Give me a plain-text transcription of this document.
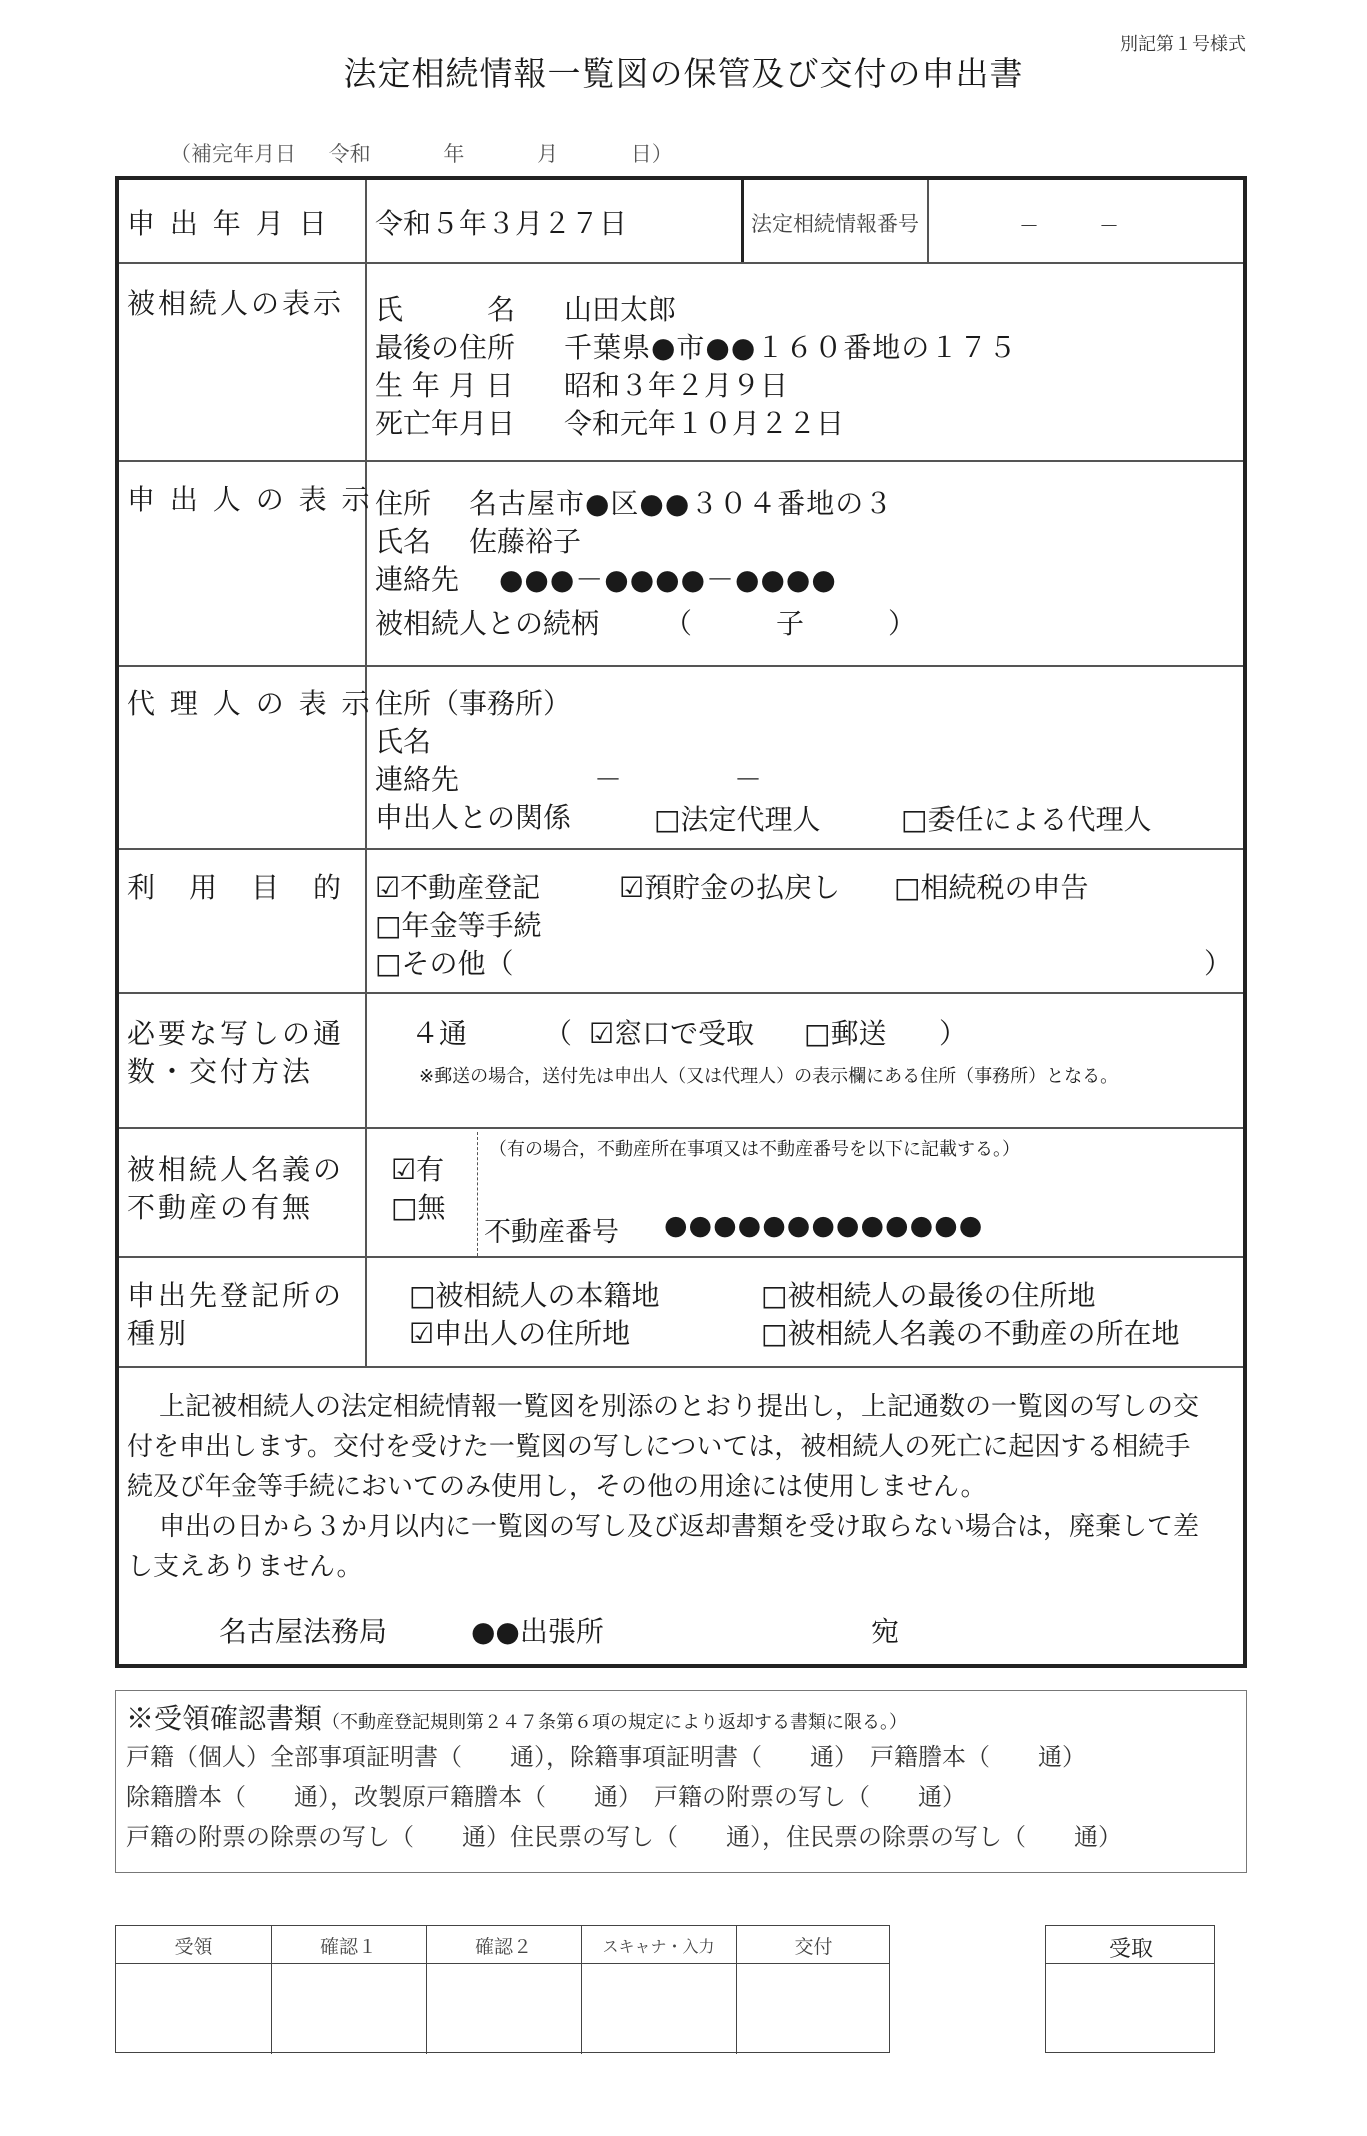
別記第１号様式
法定相続情報一覧図の保管及び交付の申出書
（補完年月日 令和	年	月	日）
申 出 年 月 日 令和５年３月２７日	法定相続情報番号	－　　　－
被相続人の表示 氏　　　名 山田太郎
最後の住所 千葉県●市●●１６０番地の１７５
生 年 月 日 昭和３年２月９日
死亡年月日 令和元年１０月２２日
申 出 人 の 表 示 住所 名古屋市●区●●３０４番地の３
氏名 佐藤裕子
連絡先 ●●●－●●●●－●●●●
被相続人との続柄 （　　　子　　　）
代 理 人 の 表 示 住所（事務所）
氏名
連絡先	－　　　　－
申出人との関係	□法定代理人	□委任による代理人
利　用　目　的 ☑不動産登記	☑預貯金の払戻し □相続税の申告
□年金等手続
□その他（	）
必要な写しの通
数・交付方法
４通	（ ☑窓口で受取 □郵送 ）
※郵送の場合，送付先は申出人（又は代理人）の表示欄にある住所（事務所）となる。
被相続人名義の
不動産の有無
☑有
□無
（有の場合，不動産所在事項又は不動産番号を以下に記載する。）
不動産番号 ●●●●●●●●●●●●●
申出先登記所の
種別
□被相続人の本籍地	□被相続人の最後の住所地
☑申出人の住所地	□被相続人名義の不動産の所在地
上記被相続人の法定相続情報一覧図を別添のとおり提出し，上記通数の一覧図の写しの交
付を申出します。交付を受けた一覧図の写しについては，被相続人の死亡に起因する相続手
続及び年金等手続においてのみ使用し，その他の用途には使用しません。
申出の日から３か月以内に一覧図の写し及び返却書類を受け取らない場合は，廃棄して差
し支えありません。
名古屋法務局	●●出張所	宛
※受領確認書類（不動産登記規則第２４７条第６項の規定により返却する書類に限る。）
戸籍（個人）全部事項証明書（　　通），除籍事項証明書（　　通）　戸籍謄本（　　通）
除籍謄本（　　通），改製原戸籍謄本（　　通）　戸籍の附票の写し（　　通）
戸籍の附票の除票の写し（　　通）住民票の写し（　　通），住民票の除票の写し（　　通）
受領	確認１	確認２	スキャナ・入力	交付	受取
